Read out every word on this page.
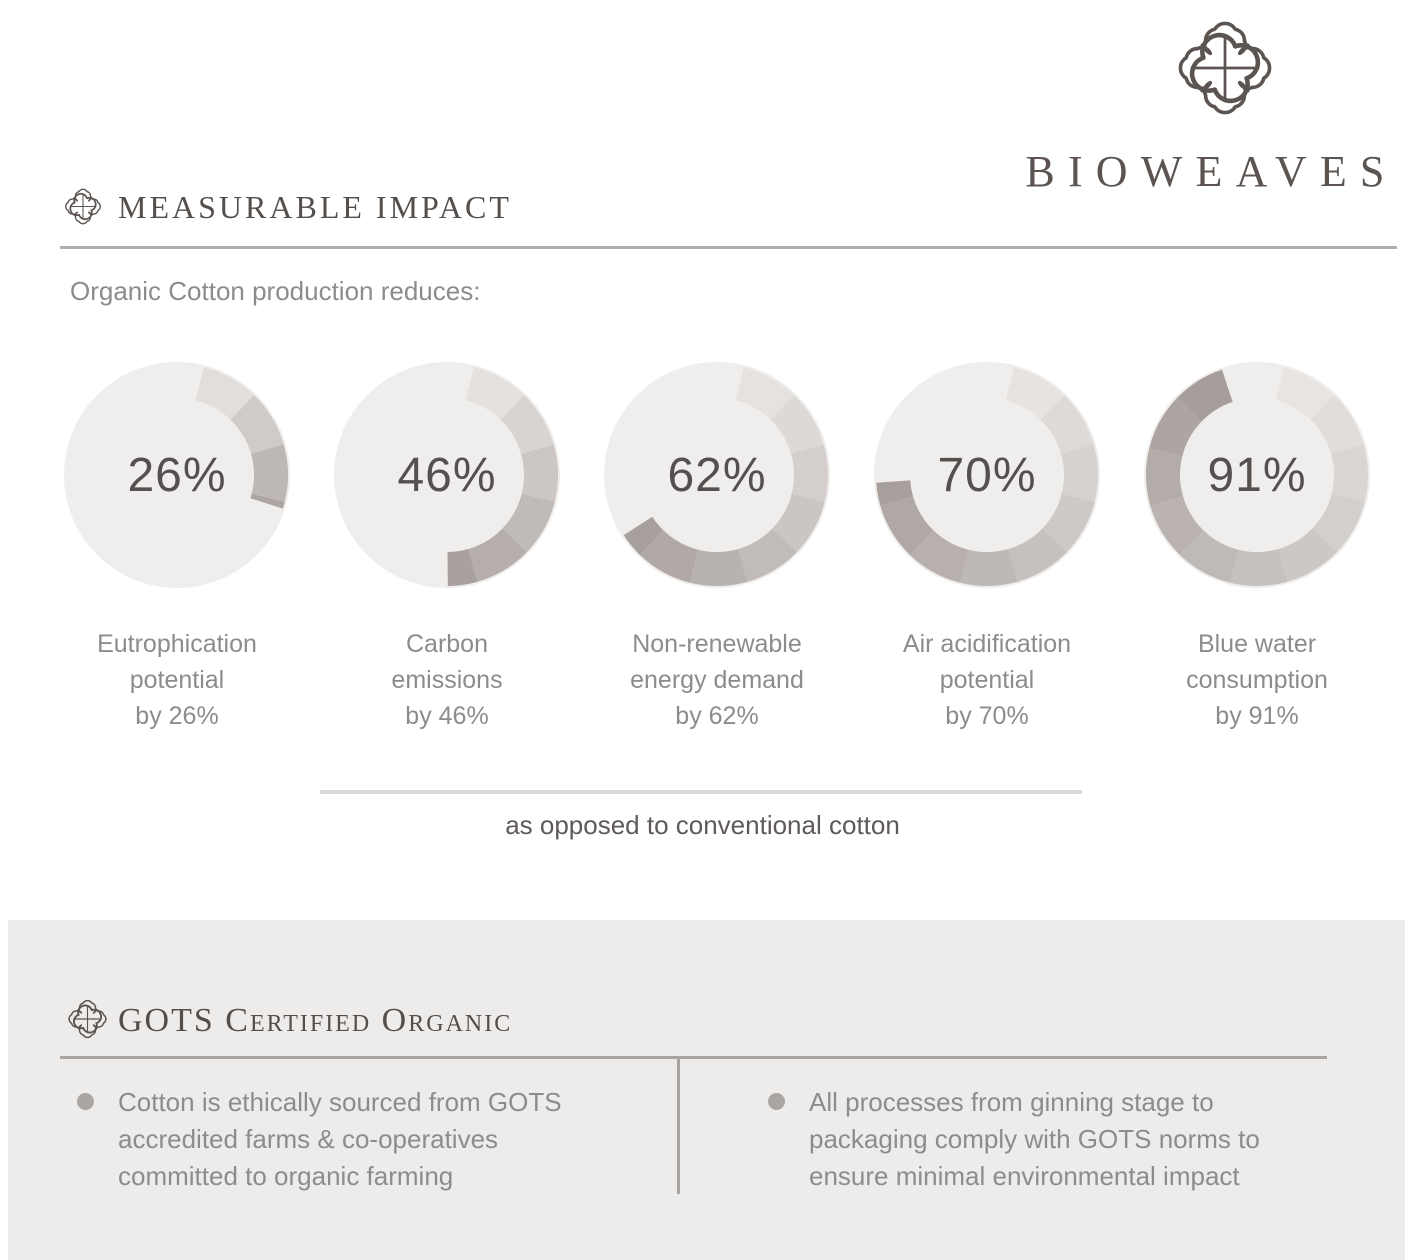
BIOWEAVES
MEASURABLE IMPACT
Organic Cotton production reduces:
26%
Eutrophication
potential
by 26%
46%
Carbon
emissions
by 46%
62%
Non-renewable
energy demand
by 62%
70%
Air acidification
potential
by 70%
91%
Blue water
consumption
by 91%
as opposed to conventional cotton
GOTS Certified Organic
Cotton is ethically sourced from GOTS
accredited farms & co-operatives
committed to organic farming
All processes from ginning stage to
packaging comply with GOTS norms to
ensure minimal environmental impact
